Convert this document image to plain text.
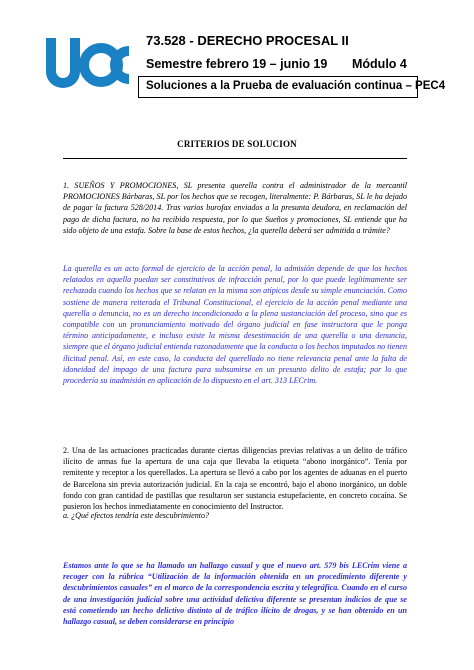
73.528 - DERECHO PROCESAL II
Semestre febrero 19 – junio 19 Módulo 4
Soluciones a la Prueba de evaluación continua – PEC4
CRITERIOS DE SOLUCION

1. SUEÑOS Y PROMOCIONES, SL presenta querella contra el administrador de la mercantil PROMOCIONES Bárbaras, SL por los hechos que se recogen, literalmente: P. Bárbaras, SL le ha dejado de pagar la factura 528/2014. Tras varios burofax enviados a la presunta deudora, en reclamación del pago de dicha factura, no ha recibido respuesta, por lo que Sueños y promociones, SL entiende que ha sido objeto de una estafa. Sobre la base de estos hechos, ¿la querella deberá ser admitida a trámite?

La querella es un acto formal de ejercicio de la acción penal, la admisión depende de que los hechos relatados en aquella puedan ser constitutivos de infracción penal, por lo que puede legítimamente ser rechazada cuando los hechos que se relatan en la misma son atípicos desde su simple enunciación. Como sostiene de manera reiterada el Tribunal Constitucional, el ejercicio de la acción penal mediante una querella o denuncia, no es un derecho incondicionado a la plena sustanciación del proceso, sino que es compatible con un pronunciamiento motivado del órgano judicial en fase instructora que le ponga término anticipadamente, e incluso existe la misma desestimación de una querella o una denuncia, siempre que el órgano judicial entienda razonadamente que la conducta o los hechos imputados no tienen ilicitud penal. Así, en este caso, la conducta del querellado no tiene relevancia penal ante la falta de idoneidad del impago de una factura para subsumirse en un presunto delito de estafa; por lo que procedería su inadmisión en aplicación de lo dispuesto en el art. 313 LECrim.

2. Una de las actuaciones practicadas durante ciertas diligencias previas relativas a un delito de tráfico ilícito de armas fue la apertura de una caja que llevaba la etiqueta “abono inorgánico”. Tenía por remitente y receptor a los querellados. La apertura se llevó a cabo por los agentes de aduanas en el puerto de Barcelona sin previa autorización judicial. En la caja se encontró, bajo el abono inorgánico, un doble fondo con gran cantidad de pastillas que resultaron ser sustancia estupefaciente, en concreto cocaína. Se pusieron los hechos inmediatamente en conocimiento del Instructor.

a. ¿Qué efectos tendría este descubrimiento?

Estamos ante lo que se ha llamado un hallazgo casual y que el nuevo art. 579 bis LECrim viene a recoger con la rúbrica “Utilización de la información obtenida en un procedimiento diferente y descubrimientos casuales” en el marco de la correspondencia escrita y telegráfica. Cuando en el curso de una investigación judicial sobre una actividad delictiva diferente se presentan indicios de que se está cometiendo un hecho delictivo distinto al de tráfico ilícito de drogas, y se han obtenido en un hallazgo casual, se deben considerarse en principio
